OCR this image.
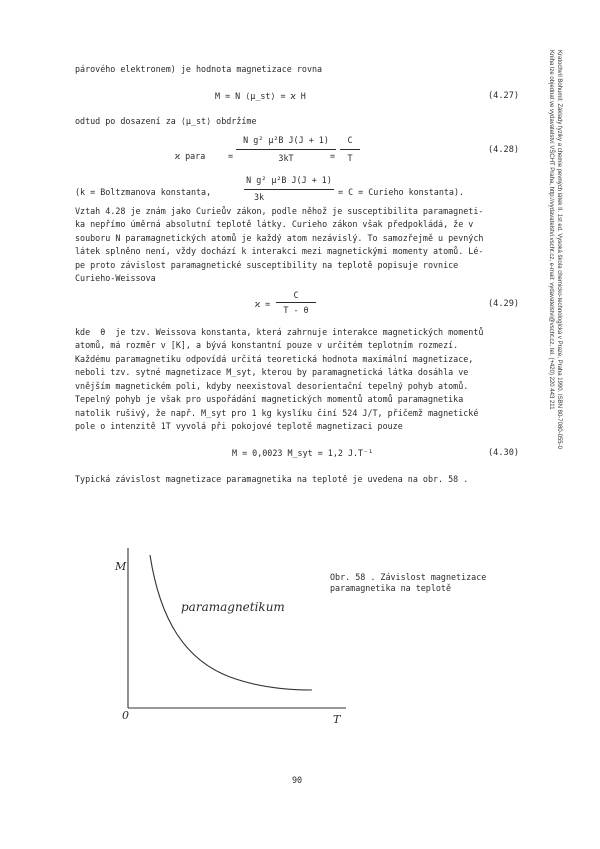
Kratochvíl Bohumil: Základy fyziky a chemie pevných látek II. 1st ed. Vysoká škola chemicko-technologická v Praze, Praha 1990. ISBN 80-7080-055-0
Kniha lze objednat ve vydavatelství VŠCHT Praha, http://vydavatelstvi.vscht.cz, e-mail: vydavatelstvi@vscht.cz, tel. (+420) 220 443 211
párového elektronem) je hodnota magnetizace rovna
M = N ⟨μ_st⟩ = ϰ H	(4.27)
odtud po dosazení za ⟨μ_st⟩ obdržíme
ϰ para	=
N g² μ²B J(J + 1)
3kT	=
C
T
(4.28)
(k = Boltzmanova konstanta,
N g² μ²B J(J + 1)
3k	= C = Curieho konstanta).
Vztah 4.28 je znám jako Curieův zákon, podle něhož je susceptibilita paramagneti-
ka nepřímo úměrná absolutní teplotě látky. Curieho zákon však předpokládá, že v
souboru N paramagnetických atomů je každý atom nezávislý. To samozřejmě u pevných
látek splněno není, vždy dochází k interakci mezi magnetickými momenty atomů. Lé-
pe proto závislost paramagnetické susceptibility na teplotě popisuje rovnice
Curieho-Weissova
ϰ =
C
T - θ
(4.29)
kde  θ  je tzv. Weissova konstanta, která zahrnuje interakce magnetických momentů
atomů, má rozměr v [K], a bývá konstantní pouze v určitém teplotním rozmezí.
Každému paramagnetiku odpovídá určitá teoretická hodnota maximální magnetizace,
neboli tzv. sytné magnetizace M_syt, kterou by paramagnetická látka dosáhla ve
vnějším magnetickém poli, kdyby neexistoval desorientační tepelný pohyb atomů.
Tepelný pohyb je však pro uspořádání magnetických momentů atomů paramagnetika
natolik rušivý, že např. M_syt pro 1 kg kyslíku činí 524 J/T, přičemž magnetické
pole o intenzitě 1T vyvolá při pokojové teplotě magnetizaci pouze
M = 0,0023 M_syt = 1,2 J.T⁻¹	(4.30)
Typická závislost magnetizace paramagnetika na teplotě je uvedena na obr. 58 .
M
T
0
paramagnetikum
Obr. 58 . Závislost magnetizace
paramagnetika na teplotě
90
